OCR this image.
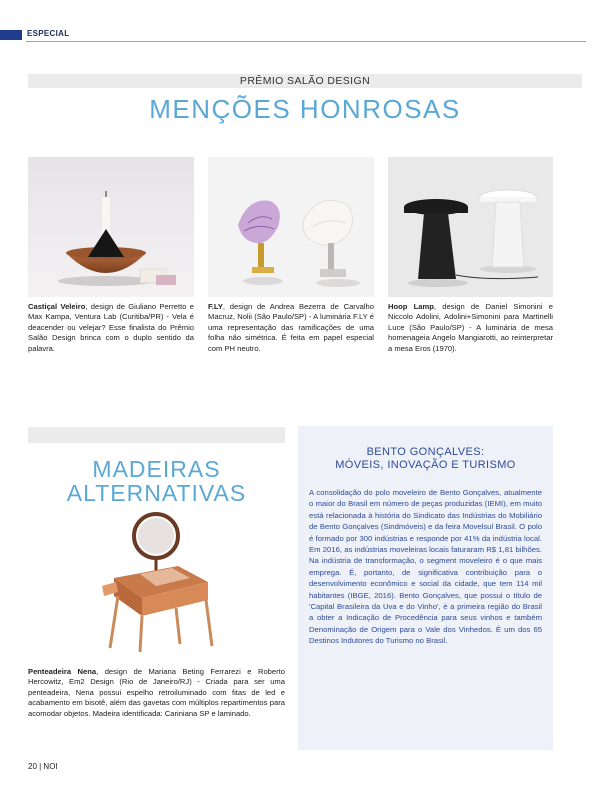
ESPECIAL
PRÊMIO SALÃO DESIGN
MENÇÕES HONROSAS
Castiçal Veleiro, design de Giuliano Perretto e Max Kampa, Ventura Lab (Curitiba/PR) - Vela é deacender ou velejar? Esse finalista do Prêmio Salão Design brinca com o duplo sentido da palavra.
F.LY, design de Andrea Bezerra de Carvalho Macruz, Nolii (São Paulo/SP) - A luminária F.LY é uma representação das ramificações de uma folha não simétrica. É feita em papel especial com PH neutro.
Hoop Lamp, design de Daniel Simonini e Niccolo Adolini, Adolini+Simonini para Martinelli Luce (São Paulo/SP) - A luminária de mesa homenageia Angelo Mangiarotti, ao reinterpretar a mesa Eros (1970).
MADEIRAS
ALTERNATIVAS
Penteadeira Nena, design de Mariana Beting Ferrarezi e Roberto Hercowitz, Em2 Design (Rio de Janeiro/RJ) - Criada para ser uma penteadeira, Nena possui espelho retroiluminado com fitas de led e acabamento em bisotê, além das gavetas com múltiplos repartimentos para acomodar objetos. Madeira identificada: Cariniana SP e laminado.
BENTO GONÇALVES:
MÓVEIS, INOVAÇÃO E TURISMO
A consolidação do polo moveleiro de Bento Gonçalves, atualmente o maior do Brasil em número de peças produzidas (IEMI), em muito está relacionada à história do Sindicato das Indústrias do Mobiliário de Bento Gonçalves (Sindmóveis) e da feira Movelsul Brasil. O polo é formado por 300 indústrias e responde por 41% da indústria local. Em 2016, as indústrias moveleiras locais faturaram R$ 1,81 bilhões. Na indústria de transformação, o segment moveleiro é o que mais emprega. É, portanto, de significativa contribuição para o desenvolvimento econômico e social da cidade, que tem 114 mil habitantes (IBGE, 2016). Bento Gonçalves, que possui o título de 'Capital Brasileira da Uva e do Vinho', é a primeira região do Brasil a obter a Indicação de Procedência para seus vinhos e também Denominação de Origem para o Vale dos Vinhedos. É um dos 65 Destinos Indutores do Turismo no Brasil.
20 | NOI
